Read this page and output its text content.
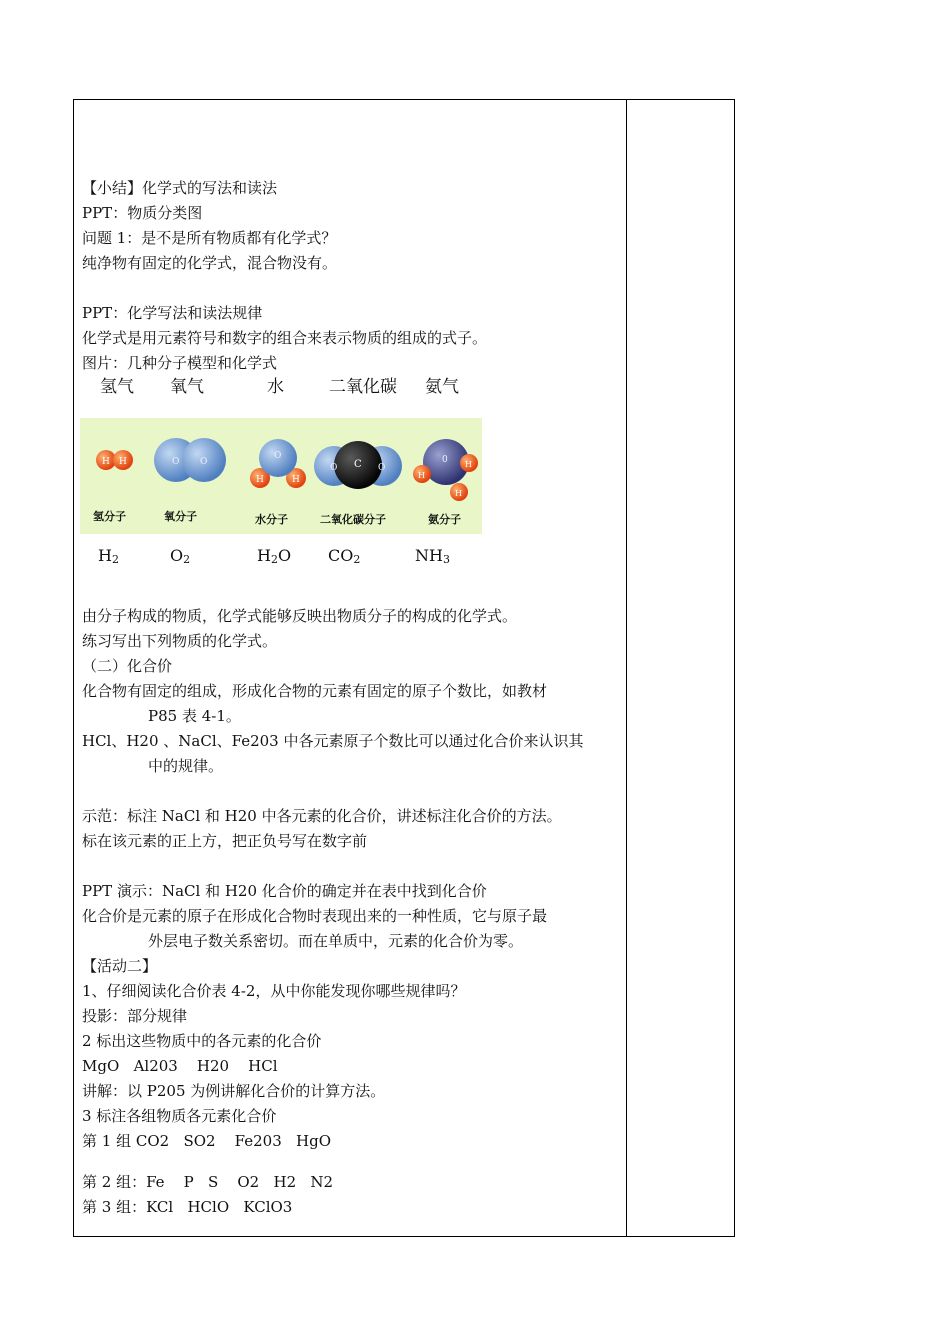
【小结】化学式的写法和读法
PPT：物质分类图
问题 1：是不是所有物质都有化学式？
纯净物有固定的化学式，混合物没有。
PPT：化学写法和读法规律
化学式是用元素符号和数字的组合来表示物质的组成的式子。
图片：几种分子模型和化学式
氢气 氧气	水	二氧化碳 氨气
H H	O O
O
H	H
O	O
C	0
H
H
H
氢分子	氧分子	水分子	二氧化碳分子	氨分子
$H_2$	$O_2$	$H_2O$ $CO_2$	$NH_3$
由分子构成的物质，化学式能够反映出物质分子的构成的化学式。
练习写出下列物质的化学式。
（二）化合价
化合物有固定的组成，形成化合物的元素有固定的原子个数比，如教材
P85 表 4-1。
HCl、H20 、NaCl、Fe203 中各元素原子个数比可以通过化合价来认识其
中的规律。
示范：标注 NaCl 和 H20 中各元素的化合价，讲述标注化合价的方法。
标在该元素的正上方，把正负号写在数字前
PPT 演示：NaCl 和 H20 化合价的确定并在表中找到化合价
化合价是元素的原子在形成化合物时表现出来的一种性质，它与原子最
外层电子数关系密切。而在单质中，元素的化合价为零。
【活动二】
1、仔细阅读化合价表 4-2，从中你能发现你哪些规律吗？
投影：部分规律
2 标出这些物质中的各元素的化合价
MgO   Al203    H20    HCl
讲解：以 P205 为例讲解化合价的计算方法。
3 标注各组物质各元素化合价
第 1 组 CO2   SO2    Fe203   HgO
第 2 组：Fe    P   S    O2   H2   N2
第 3 组：KCl   HClO   KClO3
